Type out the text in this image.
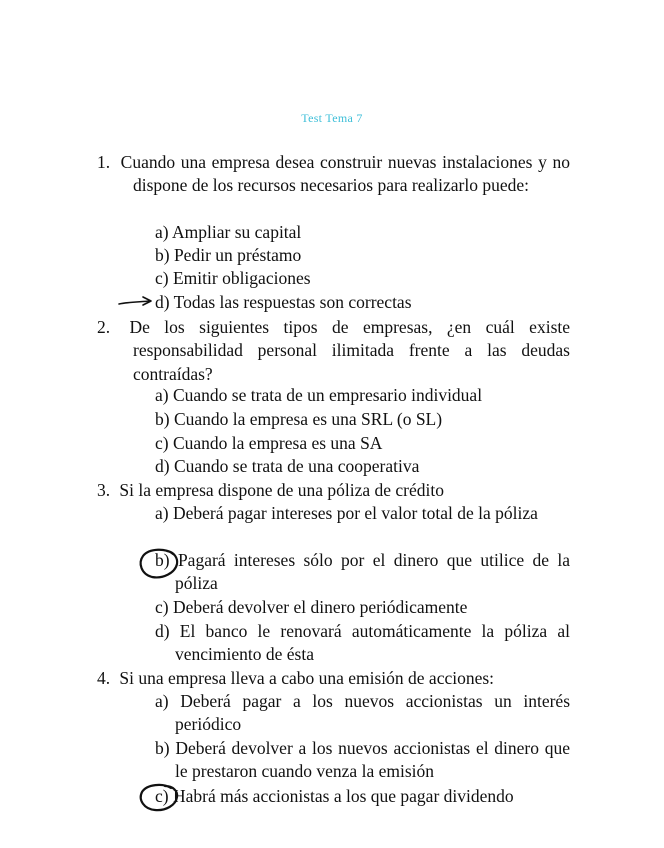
Test Tema 7
1. Cuando una empresa desea construir nuevas instalaciones y no dispone de los recursos necesarios para realizarlo puede:
a) Ampliar su capital
b) Pedir un préstamo
c) Emitir obligaciones
d) Todas las respuestas son correctas
2. De los siguientes tipos de empresas, ¿en cuál existe responsabilidad personal ilimitada frente a las deudas contraídas?
a) Cuando se trata de un empresario individual
b) Cuando la empresa es una SRL (o SL)
c) Cuando la empresa es una SA
d) Cuando se trata de una cooperativa
3. Si la empresa dispone de una póliza de crédito
a) Deberá pagar intereses por el valor total de la póliza
b) Pagará intereses sólo por el dinero que utilice de la póliza
c) Deberá devolver el dinero periódicamente
d) El banco le renovará automáticamente la póliza al vencimiento de ésta
4. Si una empresa lleva a cabo una emisión de acciones:
a) Deberá pagar a los nuevos accionistas un interés periódico
b) Deberá devolver a los nuevos accionistas el dinero que le prestaron cuando venza la emisión
c) Habrá más accionistas a los que pagar dividendo
